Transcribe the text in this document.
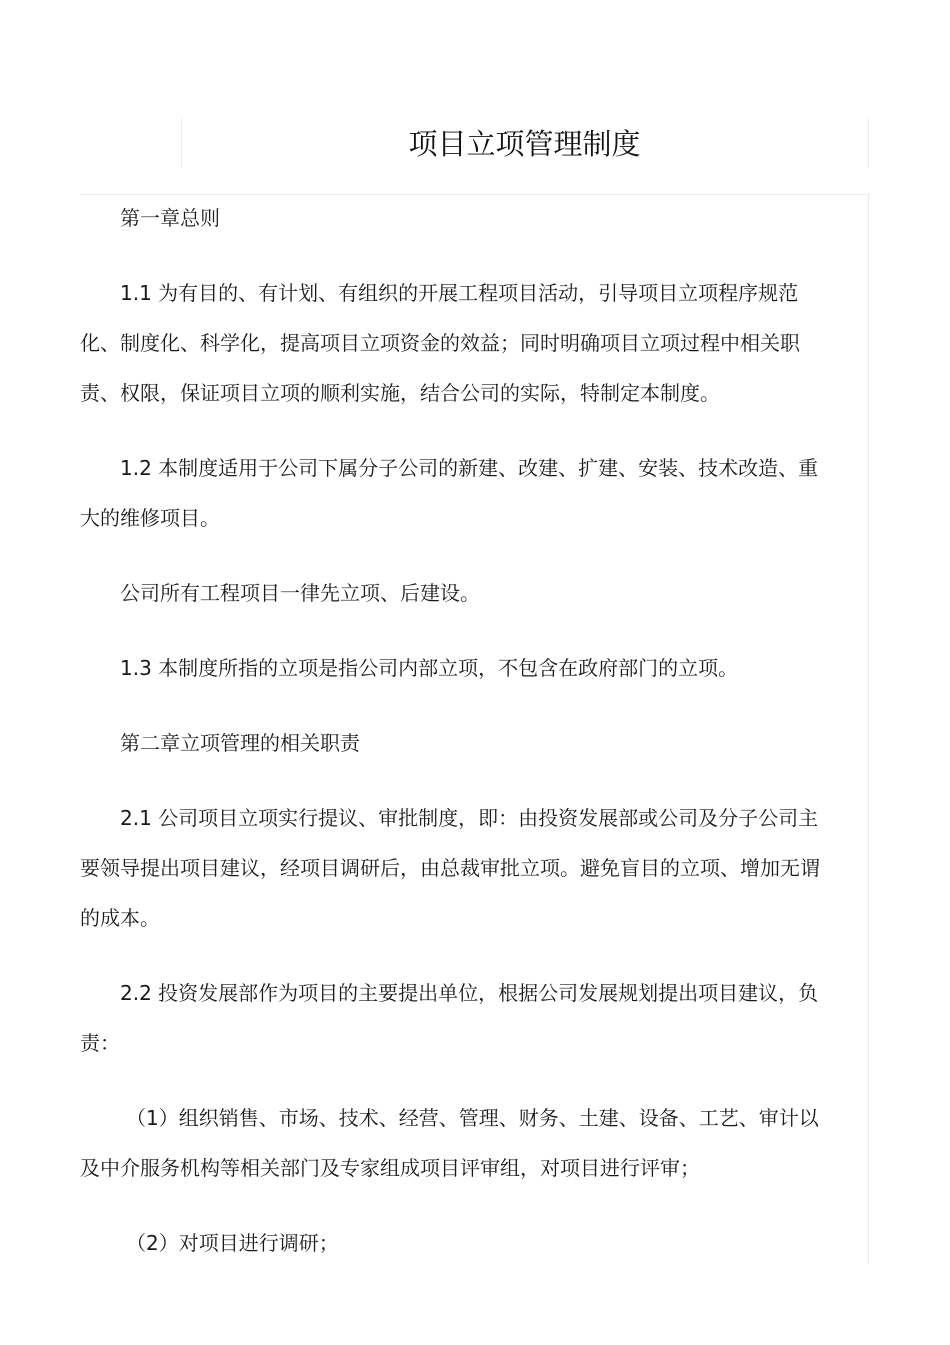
项目立项管理制度

第一章总则

1.1 为有目的、有计划、有组织的开展工程项目活动，引导项目立项程序规范化、制度化、科学化，提高项目立项资金的效益；同时明确项目立项过程中相关职责、权限，保证项目立项的顺利实施，结合公司的实际，特制定本制度。

1.2 本制度适用于公司下属分子公司的新建、改建、扩建、安装、技术改造、重大的维修项目。

公司所有工程项目一律先立项、后建设。

1.3 本制度所指的立项是指公司内部立项，不包含在政府部门的立项。

第二章立项管理的相关职责

2.1 公司项目立项实行提议、审批制度，即：由投资发展部或公司及分子公司主要领导提出项目建议，经项目调研后，由总裁审批立项。避免盲目的立项、增加无谓的成本。

2.2 投资发展部作为项目的主要提出单位，根据公司发展规划提出项目建议，负责：

（1）组织销售、市场、技术、经营、管理、财务、土建、设备、工艺、审计以及中介服务机构等相关部门及专家组成项目评审组，对项目进行评审；

（2）对项目进行调研；
